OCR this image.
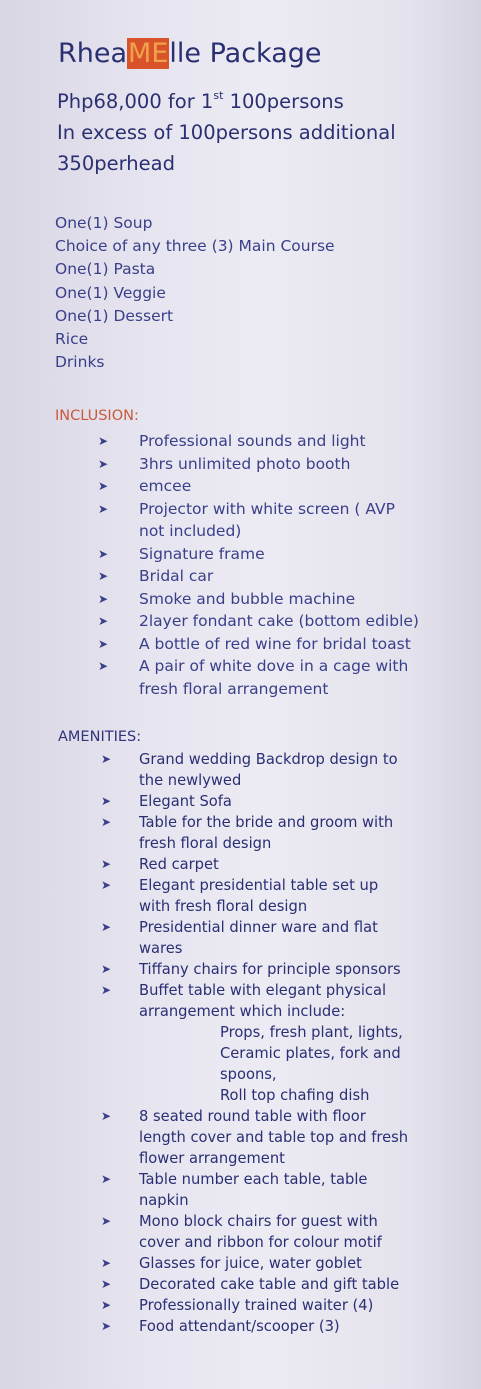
RheaMElle Package
Php68,000 for 1st 100persons
In excess of 100persons additional
350perhead
One(1) Soup
Choice of any three (3) Main Course
One(1) Pasta
One(1) Veggie
One(1) Dessert
Rice
Drinks
INCLUSION:
➤ Professional sounds and light
➤ 3hrs unlimited photo booth
➤ emcee
➤ Projector with white screen ( AVP
not included)
➤ Signature frame
➤ Bridal car
➤ Smoke and bubble machine
➤ 2layer fondant cake (bottom edible)
➤ A bottle of red wine for bridal toast
➤ A pair of white dove in a cage with
fresh floral arrangement
AMENITIES:
➤ Grand wedding Backdrop design to
the newlywed
➤ Elegant Sofa
➤ Table for the bride and groom with
fresh floral design
➤ Red carpet
➤ Elegant presidential table set up
with fresh floral design
➤ Presidential dinner ware and flat
wares
➤ Tiffany chairs for principle sponsors
➤ Buffet table with elegant physical
arrangement which include:
Props, fresh plant, lights,
Ceramic plates, fork and
spoons,
Roll top chafing dish
➤ 8 seated round table with floor
length cover and table top and fresh
flower arrangement
➤ Table number each table, table
napkin
➤ Mono block chairs for guest with
cover and ribbon for colour motif
➤ Glasses for juice, water goblet
➤ Decorated cake table and gift table
➤ Professionally trained waiter (4)
➤ Food attendant/scooper (3)
